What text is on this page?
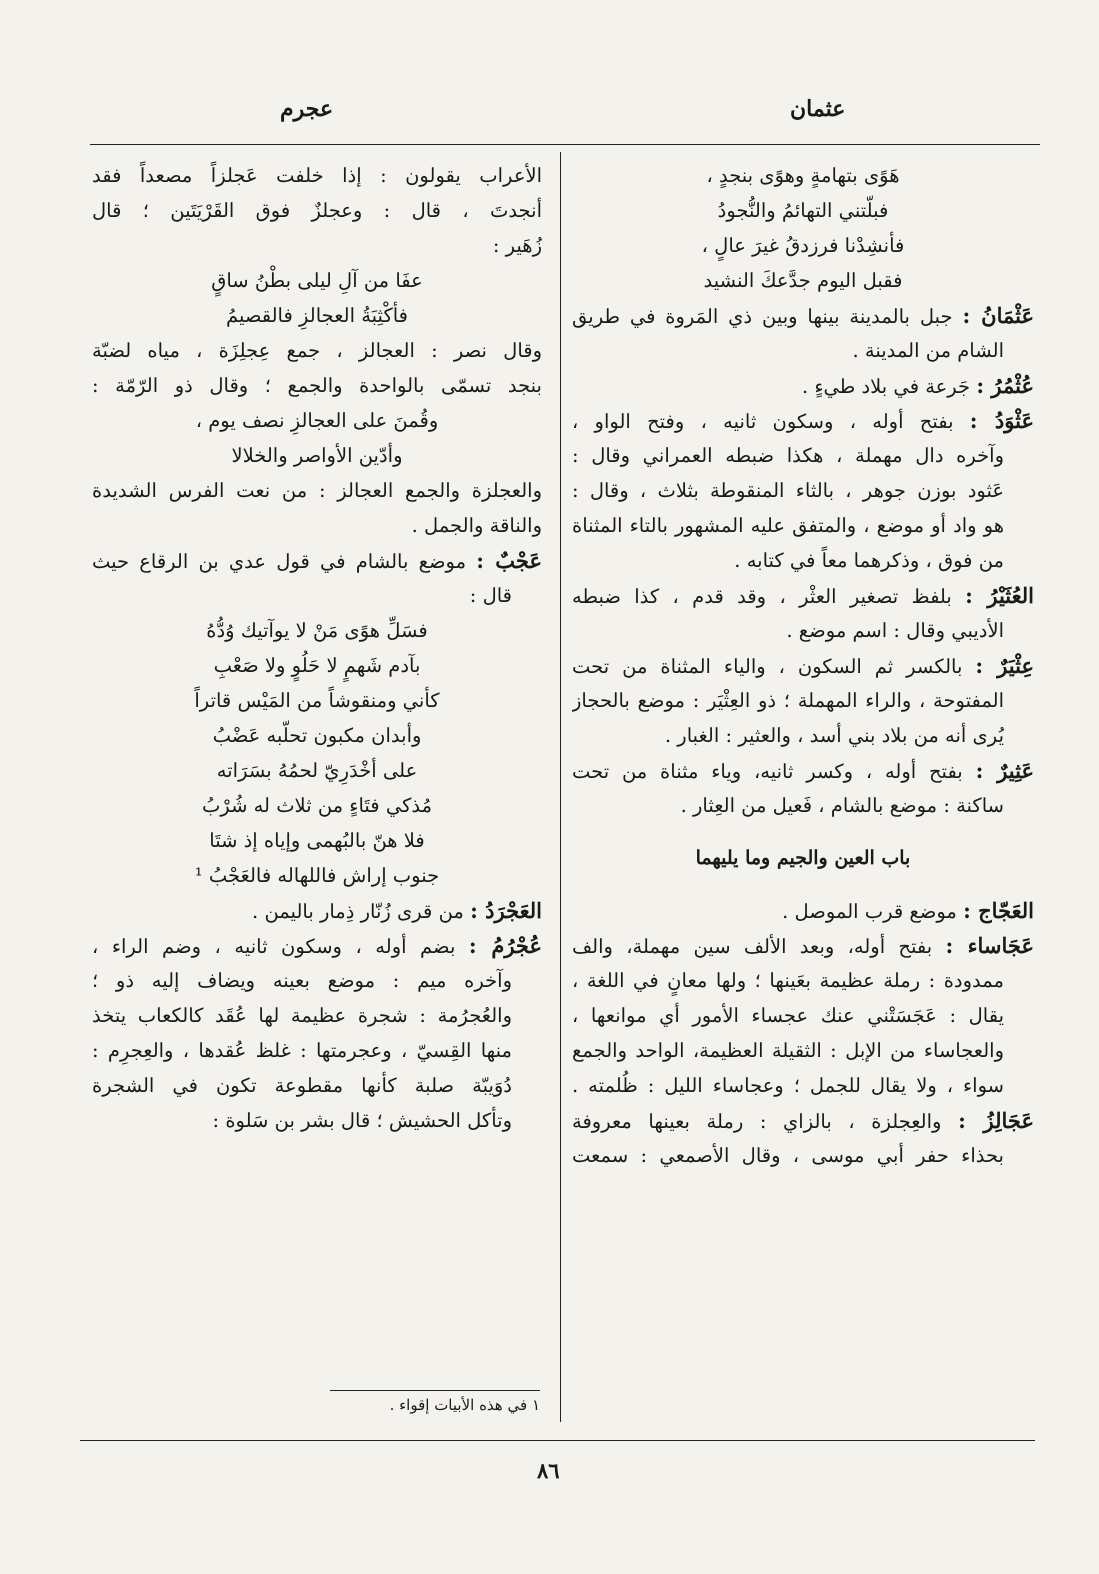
عثمان
عجرم
هَوًى بتهامةٍ وهوًى بنجدٍ ،
فبلّتني التهائمُ والنُّجودُ
فأنشِدْنا فرزدقُ غيرَ عالٍ ،
فقبل اليوم جدَّعكَ النشيد
عَثْمَانُ : جبل بالمدينة بينها وبين ذي المَروة في طريق
الشام من المدينة .
عُثْمُرُ : جَرعة في بلاد طيءٍ .
عَثْوَدُ : بفتح أوله ، وسكون ثانيه ، وفتح الواو ،
وآخره دال مهملة ، هكذا ضبطه العمراني وقال :
عَثود بوزن جوهر ، بالثاء المنقوطة بثلاث ، وقال :
هو واد أو موضع ، والمتفق عليه المشهور بالتاء المثناة
من فوق ، وذكرهما معاً في كتابه .
العُثَيْرُ : بلفظ تصغير العثْر ، وقد قدم ، كذا ضبطه
الأديبي وقال : اسم موضع .
عِثْيَرٌ : بالكسر ثم السكون ، والياء المثناة من تحت
المفتوحة ، والراء المهملة ؛ ذو العِثْيَر : موضع بالحجاز
يُرى أنه من بلاد بني أسد ، والعثير : الغبار .
عَثِيرٌ : بفتح أوله ، وكسر ثانيه، وياء مثناة من تحت
ساكنة : موضع بالشام ، فَعيل من العِثار .
باب العين والجيم وما يليهما
العَجّاج : موضع قرب الموصل .
عَجَاساء : بفتح أوله، وبعد الألف سين مهملة، والف
ممدودة : رملة عظيمة بعَينها ؛ ولها معانٍ في اللغة ،
يقال : عَجَسَتْني عنك عجساء الأمور أي موانعها ،
والعجاساء من الإبل : الثقيلة العظيمة، الواحد والجمع
سواء ، ولا يقال للجمل ؛ وعجاساء الليل : ظُلمته .
عَجَالِزُ : والعِجلزة ، بالزاي : رملة بعينها معروفة
بحذاء حفر أبي موسى ، وقال الأصمعي : سمعت
الأعراب يقولون : إذا خلفت عَجلزاً مصعداً فقد
أنجدتَ ، قال : وعجلزٌ فوق القَرْيَتَين ؛ قال
زُهَير :
عفَا من آلِ ليلى بطْنُ ساقٍ
فأكْثِبَةُ العجالزِ فالقصيمُ
وقال نصر : العجالز ، جمع عِجلِزَة ، مياه لضبّة
بنجد تسمّى بالواحدة والجمع ؛ وقال ذو الرّمّة :
وقُمنَ على العجالزِ نصف يوم ،
وأدّين الأواصر والخلالا
والعجلزة والجمع العجالز : من نعت الفرس الشديدة
والناقة والجمل .
عَجْبٌ : موضع بالشام في قول عدي بن الرقاع حيث
قال :
فسَلِّ هوًى مَنْ لا يوآتيك وُدُّهُ
بآدم شَهمٍ لا حَلُوٍ ولا صَعْبِ
كأني ومنقوشاً من المَيْس قاتراً
وأبدان مكبون تحلّبه عَضْبُ
على أخْدَرِيّ لحمُهُ بسَرَاته
مُذكي فتَاءٍ من ثلاث له شُرْبُ
فلا هنّ بالبُهمى وإياه إذ شتَا
جنوب إراش فاللهاله فالعَجْبُ ¹
العَجْرَدُ : من قرى زُنّار ذِمار باليمن .
عُجْرُمُ : بضم أوله ، وسكون ثانيه ، وضم الراء ،
وآخره ميم : موضع بعينه ويضاف إليه ذو ؛
والعُجرُمة : شجرة عظيمة لها عُقَد كالكعاب يتخذ
منها القِسيّ ، وعجرمتها : غلظ عُقدها ، والعِجرِم :
دُوَيبّة صلبة كأنها مقطوعة تكون في الشجرة
وتأكل الحشيش ؛ قال بشر بن سَلوة :
١ في هذه الأبيات إقواء .
٨٦
